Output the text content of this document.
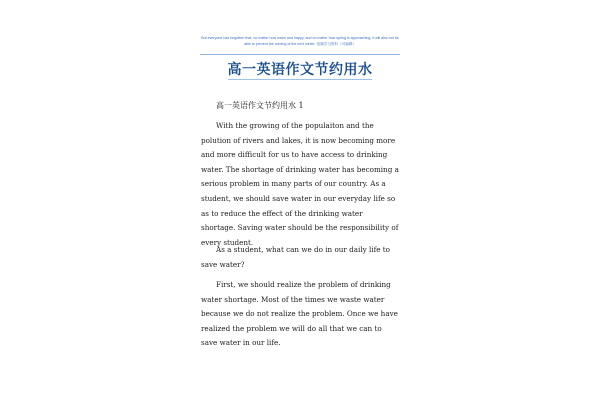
But everyone has forgotten that, no matter how warm and happy, and no matter how spring is approaching, it will also not be able to prevent the coming of the next winter. 视频学习资料（可编辑）
高一英语作文节约用水
高一英语作文节约用水 1

With the growing of the populaiton and the polution of rivers and lakes, it is now becoming more and more difficult for us to have access to drinking water. The shortage of drinking water has becoming a serious problem in many parts of our country. As a student, we should save water in our everyday life so as to reduce the effect of the drinking water shortage. Saving water should be the responsibility of every student.

As a student, what can we do in our daily life to save water?

First, we should realize the problem of drinking water shortage. Most of the times we waste water because we do not realize the problem. Once we have realized the problem we will do all that we can to save water in our life.
